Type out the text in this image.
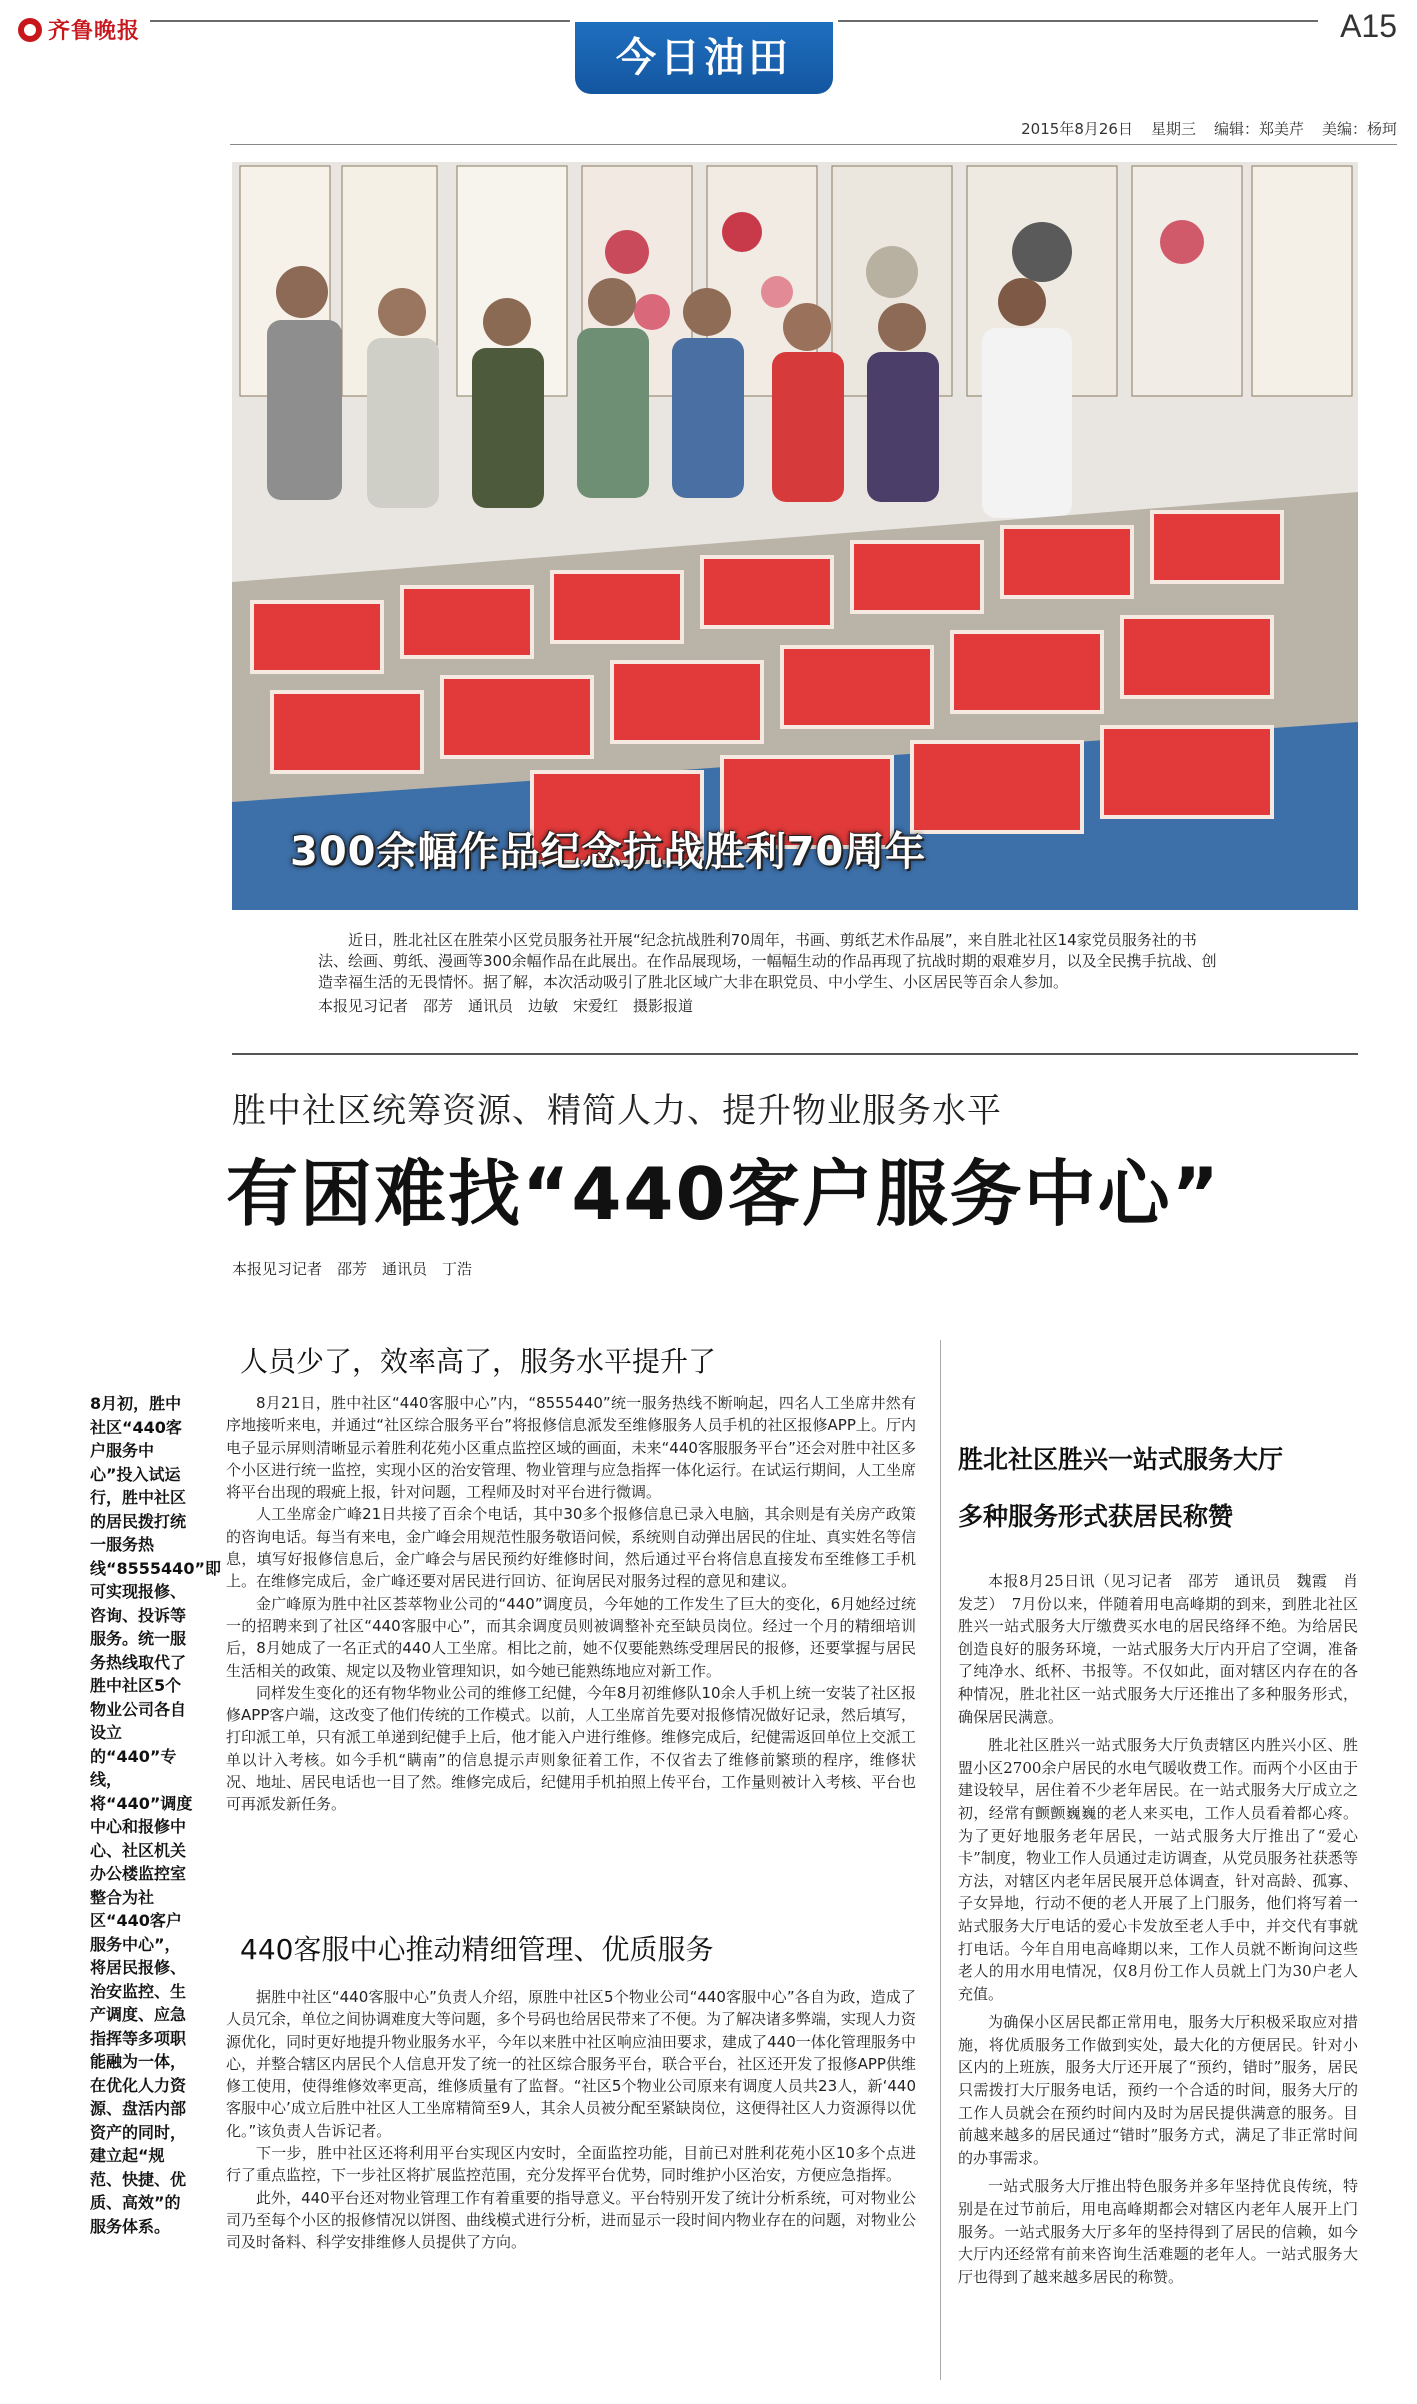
齐鲁晚报
今日油田
A15
2015年8月26日 星期三 编辑：郑美芹 美编：杨珂
300余幅作品纪念抗战胜利70周年
近日，胜北社区在胜荣小区党员服务社开展“纪念抗战胜利70周年，书画、剪纸艺术作品展”，来自胜北社区14家党员服务社的书法、绘画、剪纸、漫画等300余幅作品在此展出。在作品展现场，一幅幅生动的作品再现了抗战时期的艰难岁月，以及全民携手抗战、创造幸福生活的无畏情怀。据了解，本次活动吸引了胜北区域广大非在职党员、中小学生、小区居民等百余人参加。
本报见习记者　邵芳　通讯员　边敏　宋爱红　摄影报道
胜中社区统筹资源、精简人力、提升物业服务水平
有困难找“440客户服务中心”
本报见习记者　邵芳　通讯员　丁浩
8月初，胜中社区“440客户服务中心”投入试运行，胜中社区的居民拨打统一服务热线“8555440”即可实现报修、咨询、投诉等服务。统一服务热线取代了胜中社区5个物业公司各自设立的“440”专线，将“440”调度中心和报修中心、社区机关办公楼监控室整合为社区“440客户服务中心”，将居民报修、治安监控、生产调度、应急指挥等多项职能融为一体，在优化人力资源、盘活内部资产的同时，建立起“规范、快捷、优质、高效”的服务体系。
人员少了，效率高了，服务水平提升了

8月21日，胜中社区“440客服中心”内，“8555440”统一服务热线不断响起，四名人工坐席井然有序地接听来电，并通过“社区综合服务平台”将报修信息派发至维修服务人员手机的社区报修APP上。厅内电子显示屏则清晰显示着胜利花苑小区重点监控区域的画面，未来“440客服服务平台”还会对胜中社区多个小区进行统一监控，实现小区的治安管理、物业管理与应急指挥一体化运行。在试运行期间，人工坐席将平台出现的瑕疵上报，针对问题，工程师及时对平台进行微调。

人工坐席金广峰21日共接了百余个电话，其中30多个报修信息已录入电脑，其余则是有关房产政策的咨询电话。每当有来电，金广峰会用规范性服务敬语问候，系统则自动弹出居民的住址、真实姓名等信息，填写好报修信息后，金广峰会与居民预约好维修时间，然后通过平台将信息直接发布至维修工手机上。在维修完成后，金广峰还要对居民进行回访、征询居民对服务过程的意见和建议。

金广峰原为胜中社区荟萃物业公司的“440”调度员，今年她的工作发生了巨大的变化，6月她经过统一的招聘来到了社区“440客服中心”，而其余调度员则被调整补充至缺员岗位。经过一个月的精细培训后，8月她成了一名正式的440人工坐席。相比之前，她不仅要能熟练受理居民的报修，还要掌握与居民生活相关的政策、规定以及物业管理知识，如今她已能熟练地应对新工作。

同样发生变化的还有物华物业公司的维修工纪健，今年8月初维修队10余人手机上统一安装了社区报修APP客户端，这改变了他们传统的工作模式。以前，人工坐席首先要对报修情况做好记录，然后填写，打印派工单，只有派工单递到纪健手上后，他才能入户进行维修。维修完成后，纪健需返回单位上交派工单以计入考核。如今手机“瞒南”的信息提示声则象征着工作，不仅省去了维修前繁琐的程序，维修状况、地址、居民电话也一目了然。维修完成后，纪健用手机拍照上传平台，工作量则被计入考核、平台也可再派发新任务。

440客服中心推动精细管理、优质服务

据胜中社区“440客服中心”负责人介绍，原胜中社区5个物业公司“440客服中心”各自为政，造成了人员冗余，单位之间协调难度大等问题，多个号码也给居民带来了不便。为了解决诸多弊端，实现人力资源优化，同时更好地提升物业服务水平，今年以来胜中社区响应油田要求，建成了440一体化管理服务中心，并整合辖区内居民个人信息开发了统一的社区综合服务平台，联合平台，社区还开发了报修APP供维修工使用，使得维修效率更高，维修质量有了监督。“社区5个物业公司原来有调度人员共23人，新‘440客服中心’成立后胜中社区人工坐席精简至9人，其余人员被分配至紧缺岗位，这便得社区人力资源得以优化。”该负责人告诉记者。

下一步，胜中社区还将利用平台实现区内安时，全面监控功能，目前已对胜利花苑小区10多个点进行了重点监控，下一步社区将扩展监控范围，充分发挥平台优势，同时维护小区治安，方便应急指挥。

此外，440平台还对物业管理工作有着重要的指导意义。平台特别开发了统计分析系统，可对物业公司乃至每个小区的报修情况以饼图、曲线模式进行分析，进而显示一段时间内物业存在的问题，对物业公司及时备料、科学安排维修人员提供了方向。

胜北社区胜兴一站式服务大厅
多种服务形式获居民称赞

本报8月25日讯（见习记者　邵芳　通讯员　魏霞　肖发芝）　7月份以来，伴随着用电高峰期的到来，到胜北社区胜兴一站式服务大厅缴费买水电的居民络绎不绝。为给居民创造良好的服务环境，一站式服务大厅内开启了空调，准备了纯净水、纸杯、书报等。不仅如此，面对辖区内存在的各种情况，胜北社区一站式服务大厅还推出了多种服务形式，确保居民满意。

胜北社区胜兴一站式服务大厅负责辖区内胜兴小区、胜盟小区2700余户居民的水电气暖收费工作。而两个小区由于建设较早，居住着不少老年居民。在一站式服务大厅成立之初，经常有颤颤巍巍的老人来买电，工作人员看着都心疼。为了更好地服务老年居民，一站式服务大厅推出了“爱心卡”制度，物业工作人员通过走访调查，从党员服务社获悉等方法，对辖区内老年居民展开总体调查，针对高龄、孤寡、子女异地，行动不便的老人开展了上门服务，他们将写着一站式服务大厅电话的爱心卡发放至老人手中，并交代有事就打电话。今年自用电高峰期以来，工作人员就不断询问这些老人的用水用电情况，仅8月份工作人员就上门为30户老人充值。

为确保小区居民都正常用电，服务大厅积极采取应对措施，将优质服务工作做到实处，最大化的方便居民。针对小区内的上班族，服务大厅还开展了“预约，错时”服务，居民只需拨打大厅服务电话，预约一个合适的时间，服务大厅的工作人员就会在预约时间内及时为居民提供满意的服务。目前越来越多的居民通过“错时”服务方式，满足了非正常时间的办事需求。

一站式服务大厅推出特色服务并多年坚持优良传统，特别是在过节前后，用电高峰期都会对辖区内老年人展开上门服务。一站式服务大厅多年的坚持得到了居民的信赖，如今大厅内还经常有前来咨询生活难题的老年人。一站式服务大厅也得到了越来越多居民的称赞。
